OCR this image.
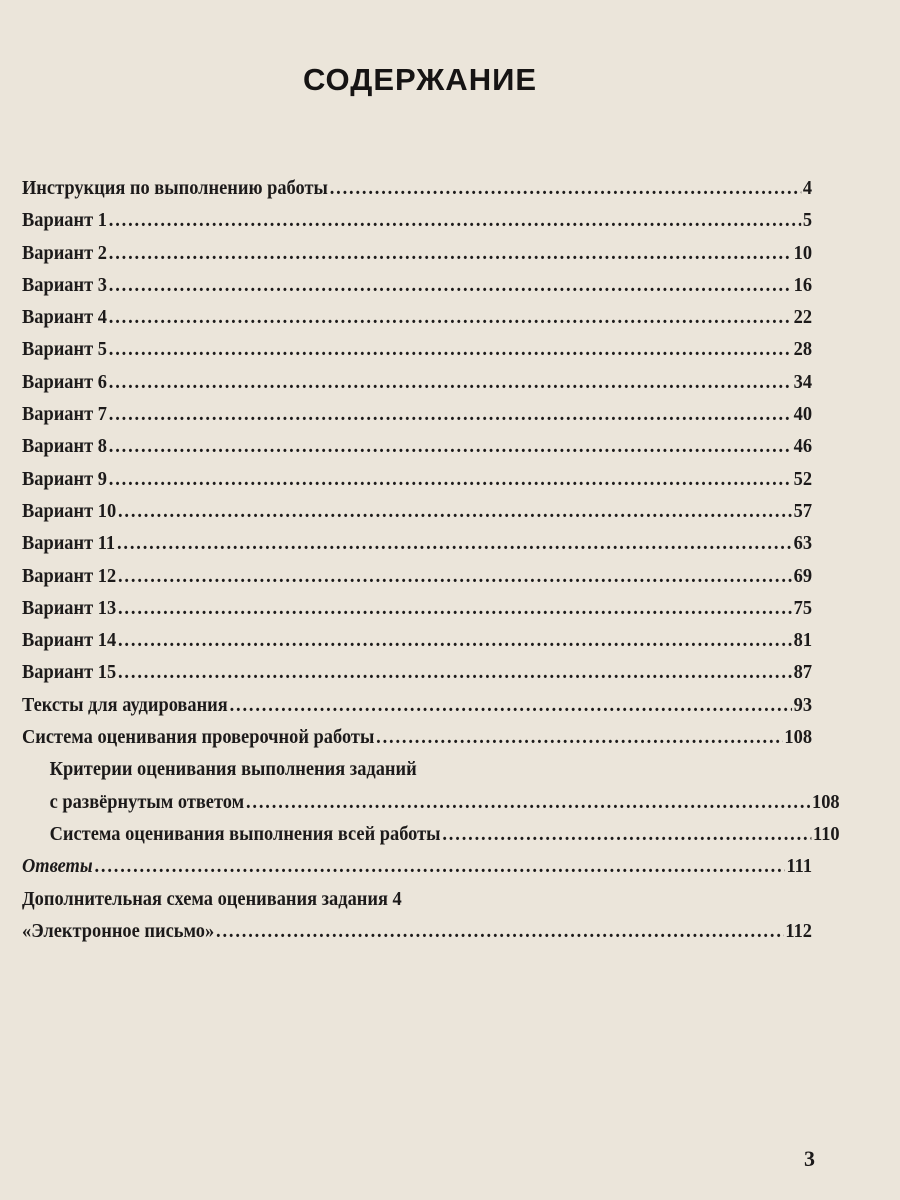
СОДЕРЖАНИЕ
Инструкция по выполнению работы .....	4
Вариант 1 .....	5
Вариант 2 .....	10
Вариант 3 .....	16
Вариант 4 .....	22
Вариант 5 .....	28
Вариант 6 .....	34
Вариант 7 .....	40
Вариант 8 .....	46
Вариант 9 .....	52
Вариант 10 .....	57
Вариант 11 .....	63
Вариант 12 .....	69
Вариант 13 .....	75
Вариант 14 .....	81
Вариант 15 .....	87
Тексты для аудирования .....	93
Система оценивания проверочной работы .....	108
Критерии оценивания выполнения заданий
с развёрнутым ответом .....	108
Система оценивания выполнения всей работы .....	110
Ответы .....	111
Дополнительная схема оценивания задания 4
«Электронное письмо» .....	112
3
